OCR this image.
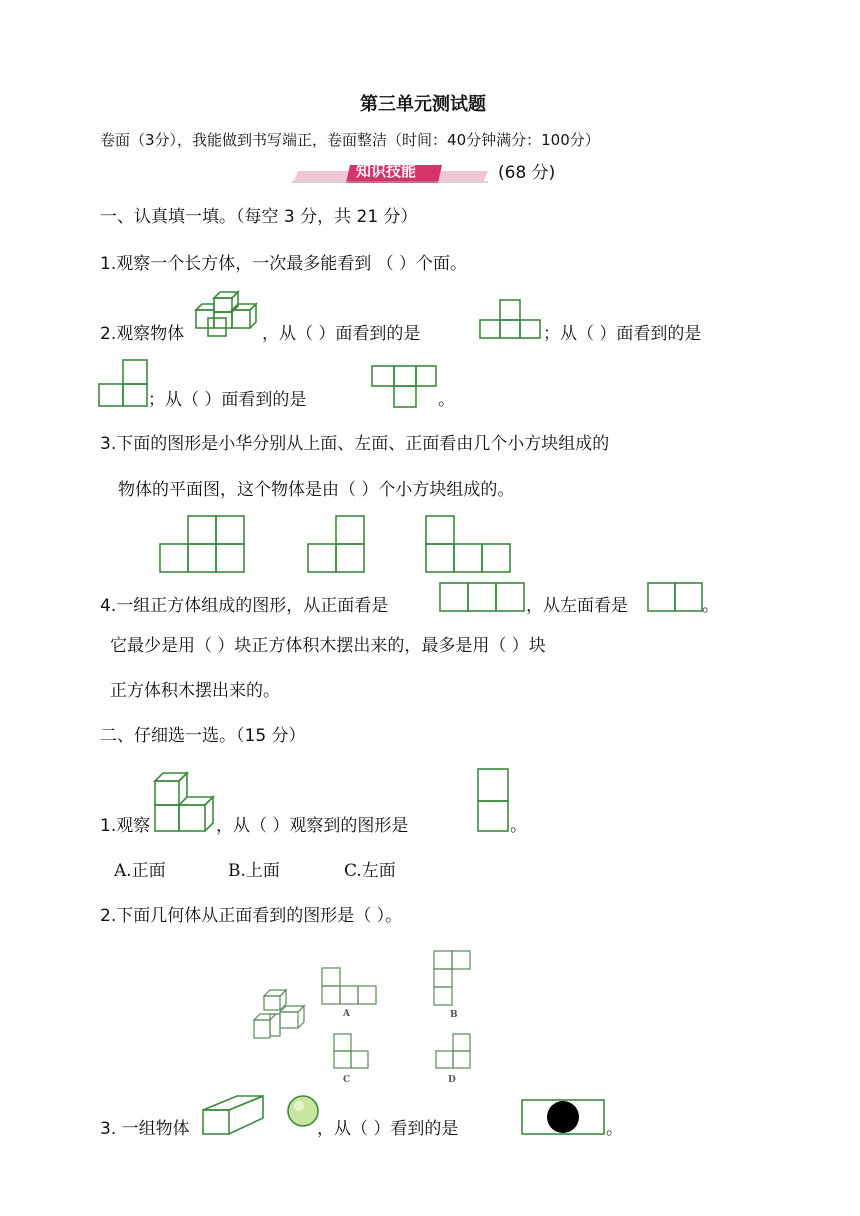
第三单元测试题
卷面（3分），我能做到书写端正，卷面整洁（时间：40分钟满分：100分）
知识技能	(68 分)
一、认真填一填。（每空 3 分，共 21 分）
1.观察一个长方体，一次最多能看到 （ ）个面。
2.观察物体	，从（ ）面看到的是	；从（ ）面看到的是
；从（ ）面看到的是	。
3.下面的图形是小华分别从上面、左面、正面看由几个小方块组成的
物体的平面图，这个物体是由（ ）个小方块组成的。
4.一组正方体组成的图形，从正面看是	，从左面看是	。
它最少是用（ ）块正方体积木摆出来的，最多是用（ ）块
正方体积木摆出来的。
二、仔细选一选。（15 分）
1.观察	，从（ ）观察到的图形是	。
A.正面	B.上面	C.左面
2.下面几何体从正面看到的图形是（ ）。
A	B
C	D
3. 一组物体	，从（ ）看到的是	。
